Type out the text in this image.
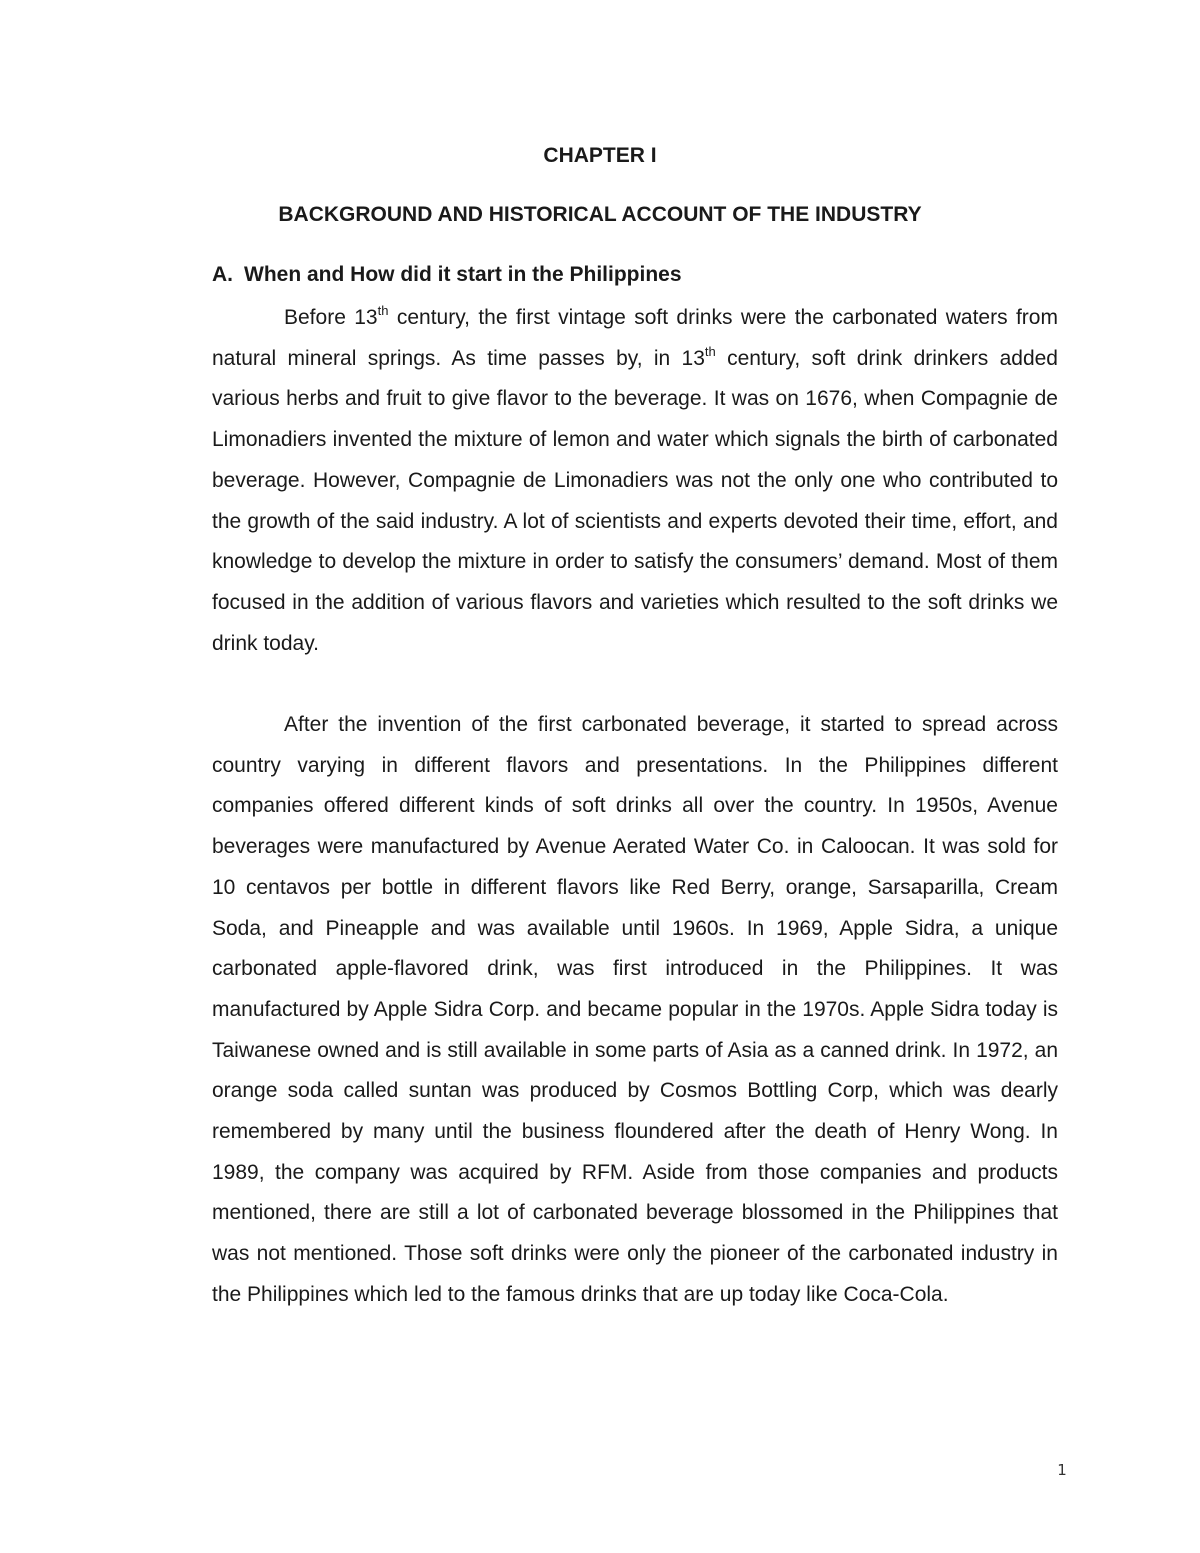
CHAPTER I
BACKGROUND AND HISTORICAL ACCOUNT OF THE INDUSTRY
A. When and How did it start in the Philippines

Before 13th century, the first vintage soft drinks were the carbonated waters from natural mineral springs. As time passes by, in 13th century, soft drink drinkers added various herbs and fruit to give flavor to the beverage. It was on 1676, when Compagnie de Limonadiers invented the mixture of lemon and water which signals the birth of carbonated beverage. However, Compagnie de Limonadiers was not the only one who contributed to the growth of the said industry. A lot of scientists and experts devoted their time, effort, and knowledge to develop the mixture in order to satisfy the consumers’ demand. Most of them focused in the addition of various flavors and varieties which resulted to the soft drinks we drink today.

After the invention of the first carbonated beverage, it started to spread across country varying in different flavors and presentations. In the Philippines different companies offered different kinds of soft drinks all over the country. In 1950s, Avenue beverages were manufactured by Avenue Aerated Water Co. in Caloocan. It was sold for 10 centavos per bottle in different flavors like Red Berry, orange, Sarsaparilla, Cream Soda, and Pineapple and was available until 1960s. In 1969, Apple Sidra, a unique carbonated apple-flavored drink, was first introduced in the Philippines. It was manufactured by Apple Sidra Corp. and became popular in the 1970s. Apple Sidra today is Taiwanese owned and is still available in some parts of Asia as a canned drink. In 1972, an orange soda called suntan was produced by Cosmos Bottling Corp, which was dearly remembered by many until the business floundered after the death of Henry Wong. In 1989, the company was acquired by RFM. Aside from those companies and products mentioned, there are still a lot of carbonated beverage blossomed in the Philippines that was not mentioned. Those soft drinks were only the pioneer of the carbonated industry in the Philippines which led to the famous drinks that are up today like Coca-Cola.

1
